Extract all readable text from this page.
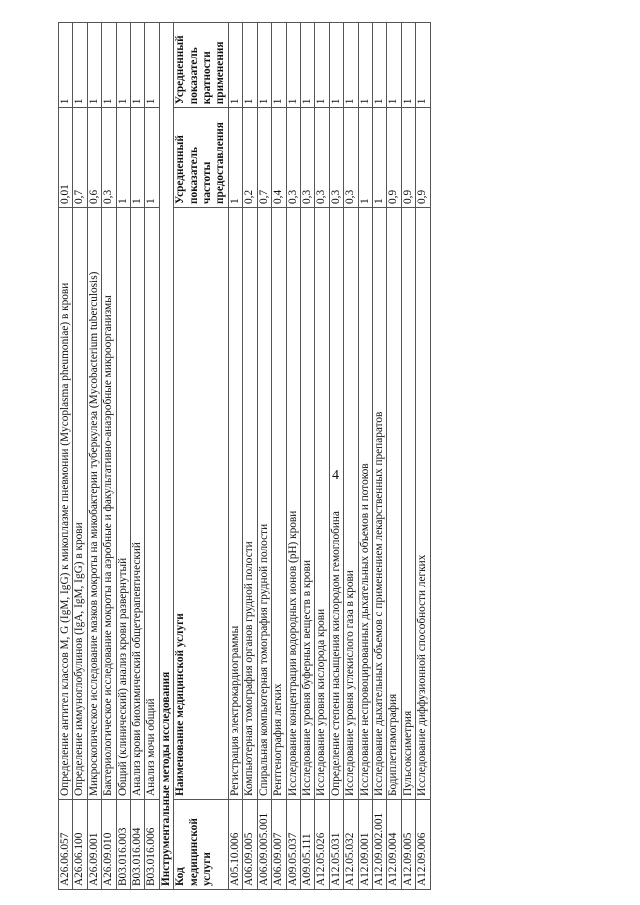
4
A26.06.057	Определение антител классов M, G (IgM, IgG) к микоплазме пневмонии (Mycoplasma pheumoniae) в крови	0,01	1
A26.06.100	Определение иммуноглобулинов (IgA, IgM, IgG) в крови	0,7	1
A26.09.001	Микроскопическое исследование мазков мокроты на микобактерии туберкулеза (Mycobacterium tuberculosis)	0,6	1
A26.09.010	Бактериологическое исследование мокроты на аэробные и факультативно-анаэробные микроорганизмы	0,3	1
B03.016.003	Общий (клинический) анализ крови развернутый	1	1
B03.016.004	Анализ крови биохимический общетерапевтический	1	1
B03.016.006	Анализ мочи общий	1	1
Инструментальные методы исследования			
Код медицинской услуги	Наименование медицинской услуги	Усредненный показатель частоты предоставления	Усредненный показатель кратности применения
A05.10.006	Регистрация электрокардиограммы	1	1
A06.09.005	Компьютерная томография органов грудной полости	0,2	1
A06.09.005.001	Спиральная компьютерная томография грудной полости	0,7	1
A06.09.007	Рентгенография легких	0,4	1
A09.05.037	Исследование концентрации водородных ионов (рН) крови	0,3	1
A09.05.111	Исследование уровня буферных веществ в крови	0,3	1
A12.05.026	Исследование уровня кислорода крови	0,3	1
A12.05.031	Определение степени насыщения кислородом гемоглобина	0,3	1
A12.05.032	Исследование уровня углекислого газа в крови	0,3	1
A12.09.001	Исследование неспровоцированных дыхательных объемов и потоков	1	1
A12.09.002.001	Исследование дыхательных объемов с применением лекарственных препаратов	1	1
A12.09.004	Бодиплетизмография	0,9	1
A12.09.005	Пульсоксиметрия	0,9	1
A12.09.006	Исследование диффузионной способности легких	0,9	1
